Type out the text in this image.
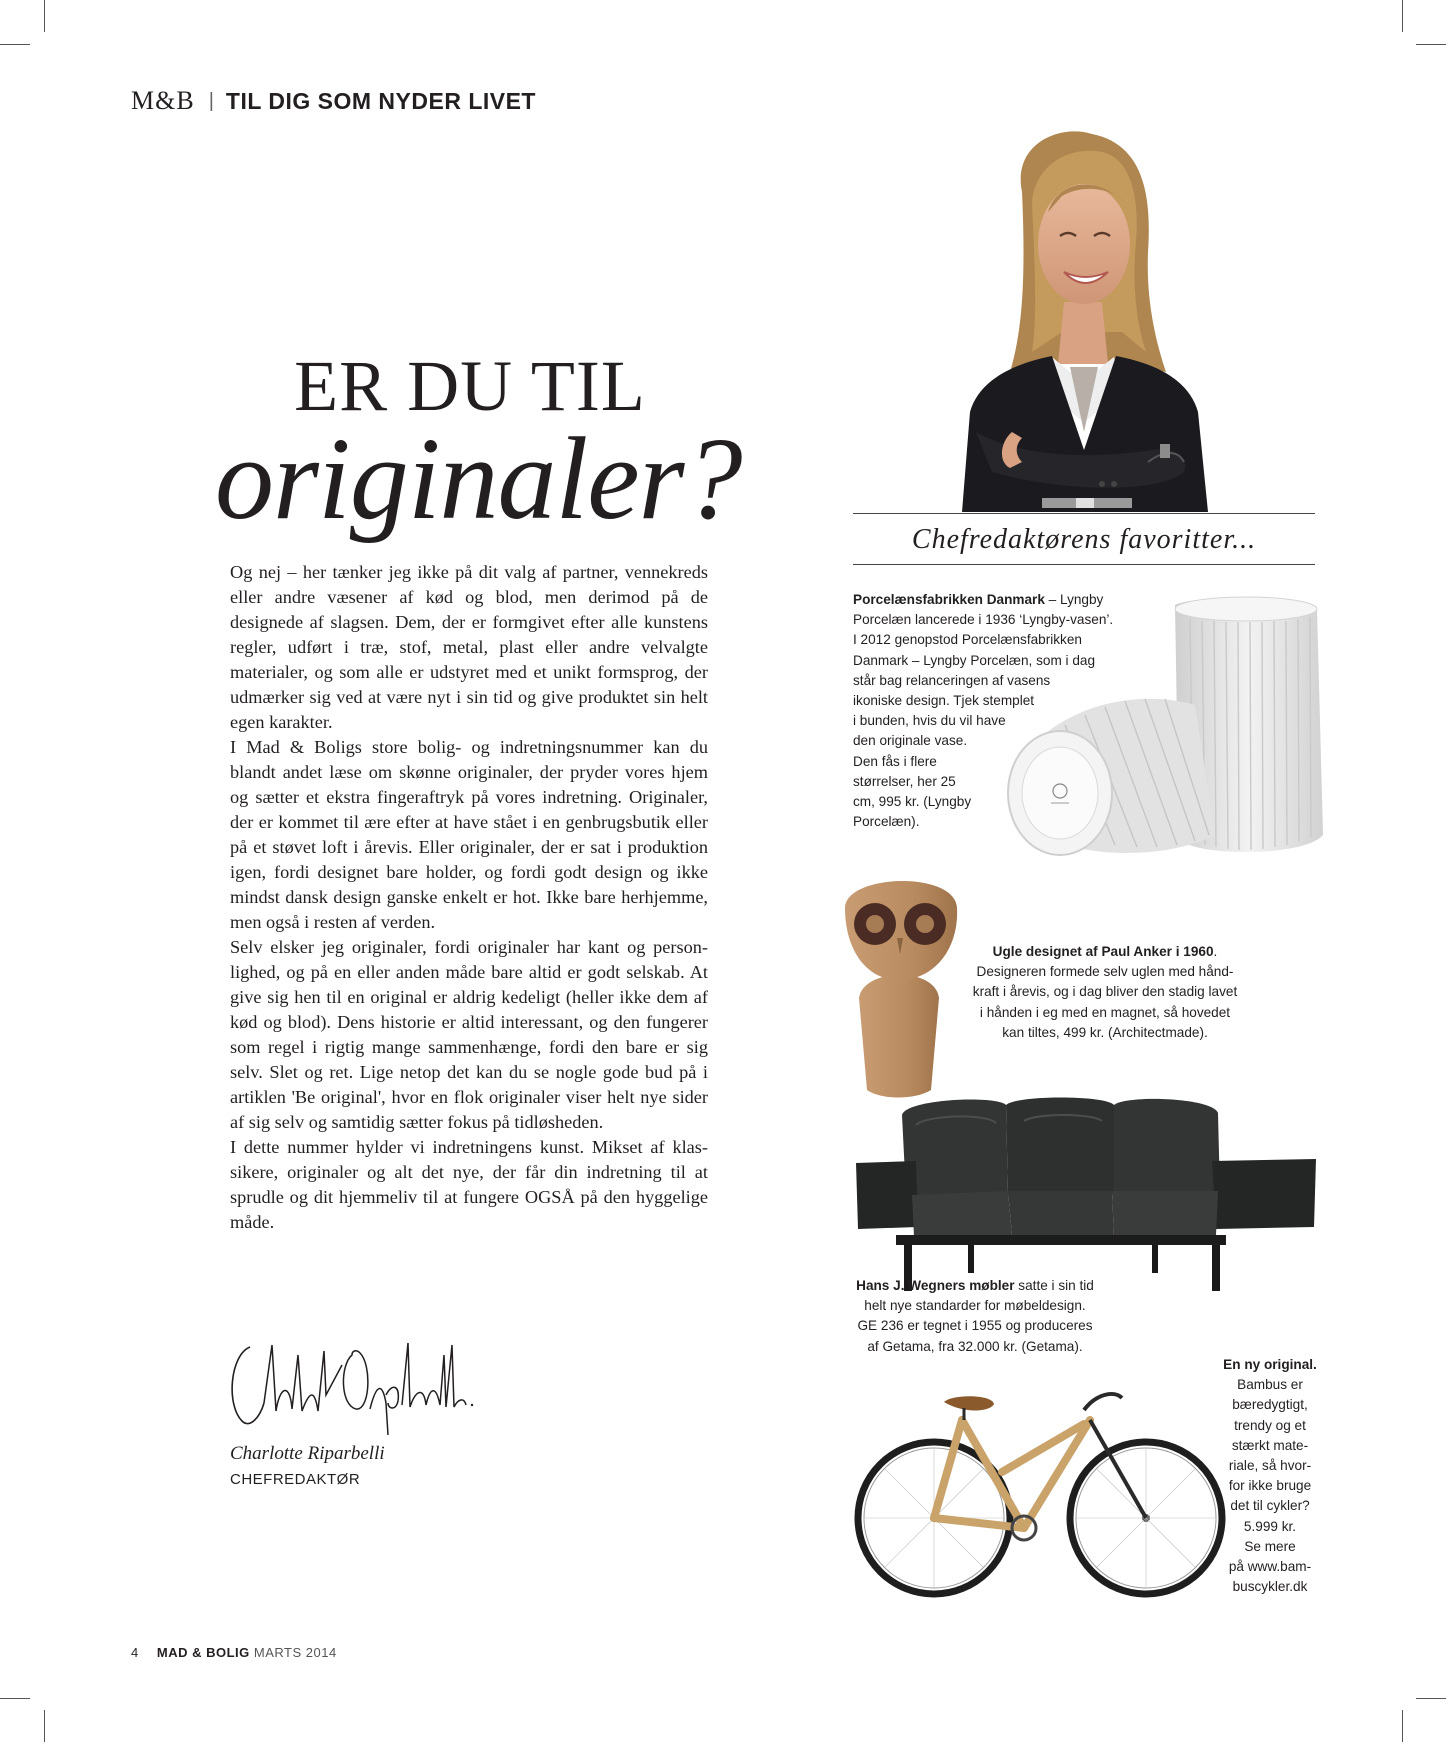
M&B | TIL DIG SOM NYDER LIVET
ER DU TIL
originaler?

Og nej – her tænker jeg ikke på dit valg af partner, vennekreds eller andre væsener af kød og blod, men derimod på de designede af slagsen. Dem, der er formgivet efter alle kunstens regler, udført i træ, stof, metal, plast eller andre velvalgte materialer, og som alle er udstyret med et unikt formsprog, der udmærker sig ved at være nyt i sin tid og give produktet sin helt egen karakter.

I Mad & Boligs store bolig- og indretningsnummer kan du blandt andet læse om skønne originaler, der pryder vores hjem og sætter et ekstra fingeraftryk på vores indretning. Originaler, der er kommet til ære efter at have stået i en genbrugsbutik eller på et støvet loft i årevis. Eller originaler, der er sat i produktion igen, fordi designet bare holder, og fordi godt design og ikke mindst dansk design ganske enkelt er hot. Ikke bare herhjemme, men også i resten af verden.

Selv elsker jeg originaler, fordi originaler har kant og personlighed, og på en eller anden måde bare altid er godt selskab. At give sig hen til en original er aldrig kedeligt (heller ikke dem af kød og blod). Dens historie er altid interessant, og den fungerer som regel i rigtig mange sammenhænge, fordi den bare er sig selv. Slet og ret. Lige netop det kan du se nogle gode bud på i artiklen 'Be original', hvor en flok originaler viser helt nye sider af sig selv og samtidig sætter fokus på tidløsheden.

I dette nummer hylder vi indretningens kunst. Mikset af klassikere, originaler og alt det nye, der får din indretning til at sprudle og dit hjemmeliv til at fungere OGSÅ på den hyggelige måde.

Charlotte Riparbelli
CHEFREDAKTØR
Chefredaktørens favoritter...
Porcelænsfabrikken Danmark – Lyngby
Porcelæn lancerede i 1936 ‘Lyngby-vasen’.
I 2012 genopstod Porcelænsfabrikken
Danmark – Lyngby Porcelæn, som i dag
står bag relanceringen af vasens
ikoniske design. Tjek stemplet
i bunden, hvis du vil have
den originale vase.
Den fås i flere
størrelser, her 25
cm, 995 kr. (Lyngby
Porcelæn).
Ugle designet af Paul Anker i 1960.
Designeren formede selv uglen med hånd-
kraft i årevis, og i dag bliver den stadig lavet
i hånden i eg med en magnet, så hovedet
kan tiltes, 499 kr. (Architectmade).
Hans J. Wegners møbler satte i sin tid
helt nye standarder for møbeldesign.
GE 236 er tegnet i 1955 og produceres
af Getama, fra 32.000 kr. (Getama).
En ny original.
Bambus er
bæredygtigt,
trendy og et
stærkt mate-
riale, så hvor-
for ikke bruge
det til cykler?
5.999 kr.
Se mere
på www.bam-
buscykler.dk
4 MAD & BOLIG MARTS 2014
